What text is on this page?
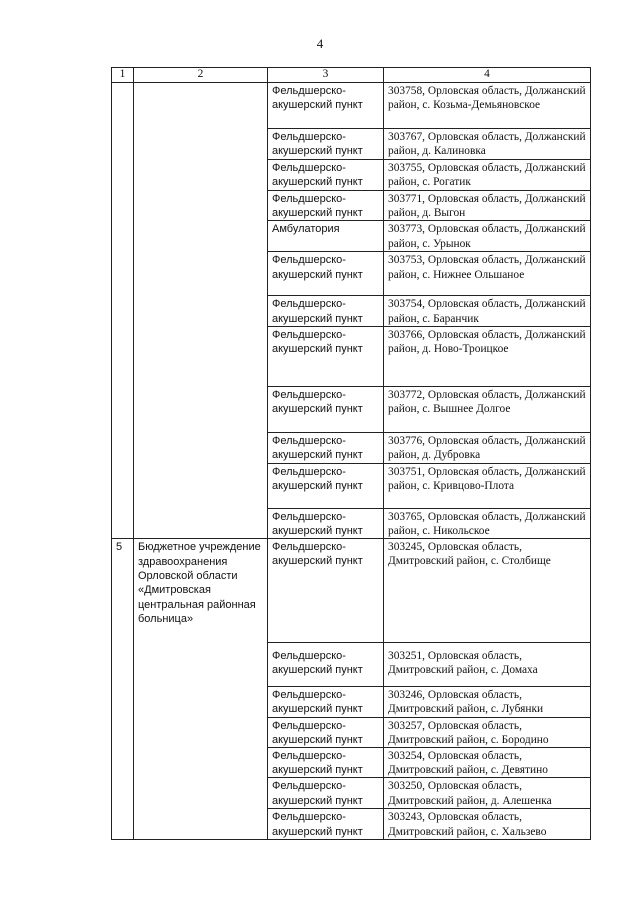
4
1	2	3	4
		Фельдшерско-акушерский пункт	303758, Орловская область, Должанский район, с. Козьма-Демьяновское
		Фельдшерско-акушерский пункт	303767, Орловская область, Должанский район, д. Калиновка
		Фельдшерско-акушерский пункт	303755, Орловская область, Должанский район, с. Рогатик
		Фельдшерско-акушерский пункт	303771, Орловская область, Должанский район, д. Выгон
		Амбулатория	303773, Орловская область, Должанский район, с. Урынок
		Фельдшерско-акушерский пункт	303753, Орловская область, Должанский район, с. Нижнее Ольшаное
		Фельдшерско-акушерский пункт	303754, Орловская область, Должанский район, с. Баранчик
		Фельдшерско-акушерский пункт	303766, Орловская область, Должанский район, д. Ново-Троицкое
		Фельдшерско-акушерский пункт	303772, Орловская область, Должанский район, с. Вышнее Долгое
		Фельдшерско-акушерский пункт	303776, Орловская область, Должанский район, д. Дубровка
		Фельдшерско-акушерский пункт	303751, Орловская область, Должанский район, с. Кривцово-Плота
		Фельдшерско-акушерский пункт	303765, Орловская область, Должанский район, с. Никольское
5	Бюджетное учреждение здравоохранения Орловской области «Дмитровская центральная районная больница»	Фельдшерско-акушерский пункт	303245, Орловская область, Дмитровский район, с. Столбище
		Фельдшерско-акушерский пункт	303251, Орловская область, Дмитровский район, с. Домаха
		Фельдшерско-акушерский пункт	303246, Орловская область, Дмитровский район, с. Лубянки
		Фельдшерско-акушерский пункт	303257, Орловская область, Дмитровский район, с. Бородино
		Фельдшерско-акушерский пункт	303254, Орловская область, Дмитровский район, с. Девятино
		Фельдшерско-акушерский пункт	303250, Орловская область, Дмитровский район, д. Алешенка
		Фельдшерско-акушерский пункт	303243, Орловская область, Дмитровский район, с. Хальзево
